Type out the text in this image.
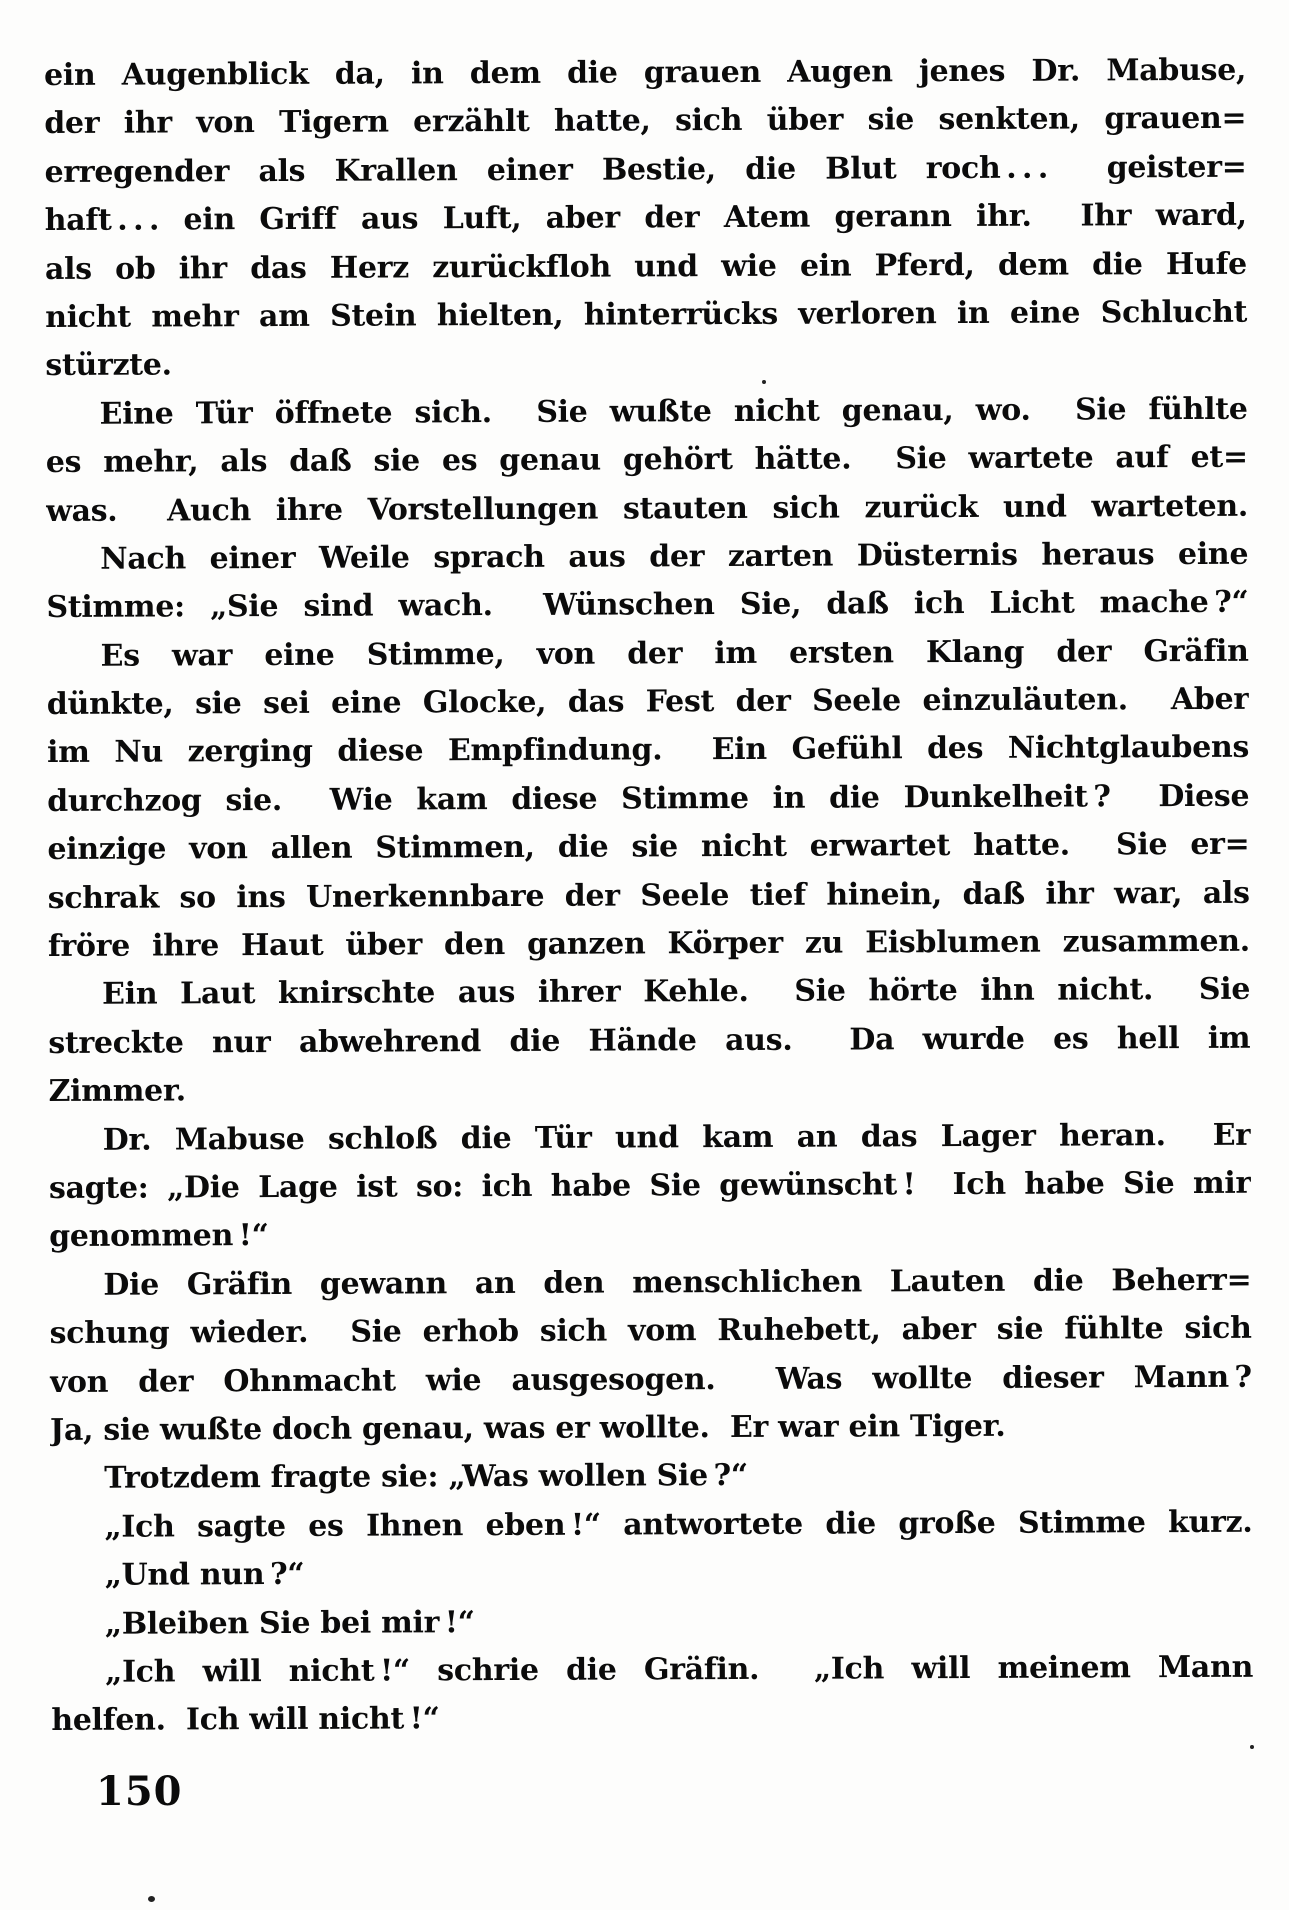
ein Augenblick da, in dem die grauen Augen jenes Dr. Mabuse,
der ihr von Tigern erzählt hatte, sich über sie senkten, grauen=
erregender als Krallen einer Bestie, die Blut roch . . .  geister=
haft . . . ein Griff aus Luft, aber der Atem gerann ihr.  Ihr ward,
als ob ihr das Herz zurückfloh und wie ein Pferd, dem die Hufe
nicht mehr am Stein hielten, hinterrücks verloren in eine Schlucht
stürzte.
Eine Tür öffnete sich.  Sie wußte nicht genau, wo.  Sie fühlte
es mehr, als daß sie es genau gehört hätte.  Sie wartete auf et=
was.  Auch ihre Vorstellungen stauten sich zurück und warteten.
Nach einer Weile sprach aus der zarten Düsternis heraus eine
Stimme: „Sie sind wach.  Wünschen Sie, daß ich Licht mache ?“
Es war eine Stimme, von der im ersten Klang der Gräfin
dünkte, sie sei eine Glocke, das Fest der Seele einzuläuten.  Aber
im Nu zerging diese Empfindung.  Ein Gefühl des Nichtglaubens
durchzog sie.  Wie kam diese Stimme in die Dunkelheit ?  Diese
einzige von allen Stimmen, die sie nicht erwartet hatte.  Sie er=
schrak so ins Unerkennbare der Seele tief hinein, daß ihr war, als
fröre ihre Haut über den ganzen Körper zu Eisblumen zusammen.
Ein Laut knirschte aus ihrer Kehle.  Sie hörte ihn nicht.  Sie
streckte nur abwehrend die Hände aus.  Da wurde es hell im
Zimmer.
Dr. Mabuse schloß die Tür und kam an das Lager heran.  Er
sagte: „Die Lage ist so: ich habe Sie gewünscht !  Ich habe Sie mir
genommen !“
Die Gräfin gewann an den menschlichen Lauten die Beherr=
schung wieder.  Sie erhob sich vom Ruhebett, aber sie fühlte sich
von der Ohnmacht wie ausgesogen.  Was wollte dieser Mann ?
Ja, sie wußte doch genau, was er wollte.  Er war ein Tiger.
Trotzdem fragte sie: „Was wollen Sie ?“
„Ich sagte es Ihnen eben !“ antwortete die große Stimme kurz.
„Und nun ?“
„Bleiben Sie bei mir !“
„Ich will nicht !“ schrie die Gräfin.  „Ich will meinem Mann
helfen.  Ich will nicht !“
150
